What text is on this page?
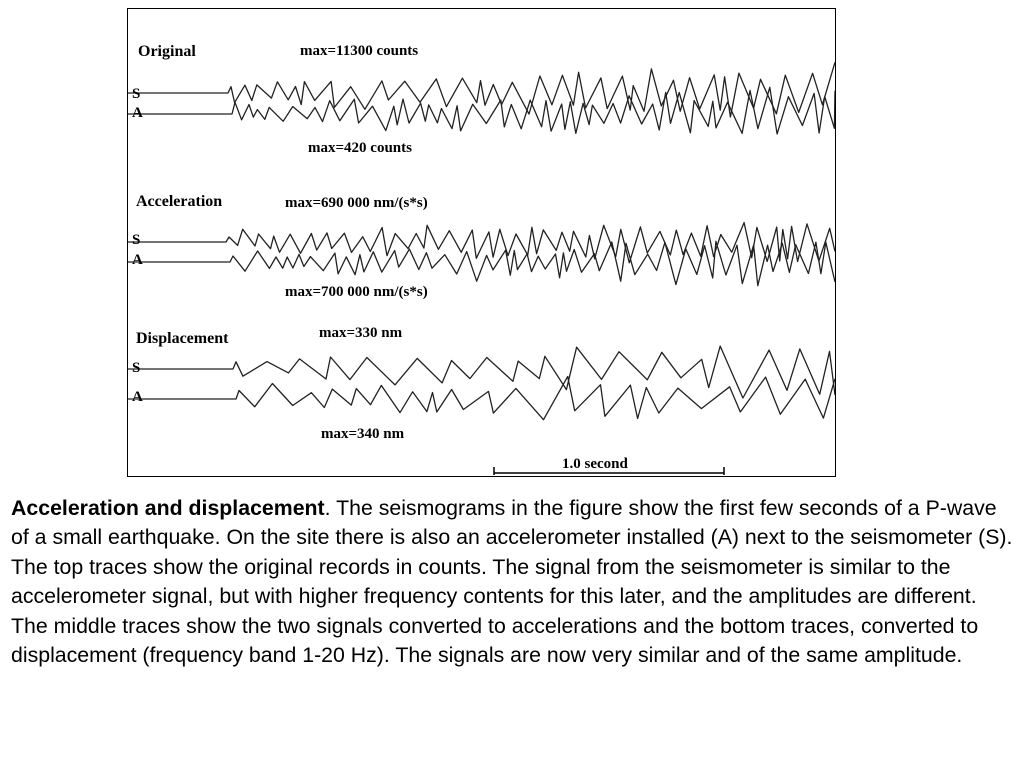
Original	max=11300 counts
S
A
max=420 counts
Acceleration	max=690 000 nm/(s*s)
S
A
max=700 000 nm/(s*s)
Displacement	max=330 nm
S
A
max=340 nm
1.0 second
Acceleration and displacement. The seismograms in the figure show the first few seconds of a P-wave of a small earthquake. On the site there is also an accelerometer installed (A) next to the seismometer (S). The top traces show the original records in counts. The signal from the seismometer is similar to the accelerometer signal, but with higher frequency contents for this later, and the amplitudes are different. The middle traces show the two signals converted to accelerations and the bottom traces, converted to displacement (frequency band 1-20 Hz). The signals are now very similar and of the same amplitude.
